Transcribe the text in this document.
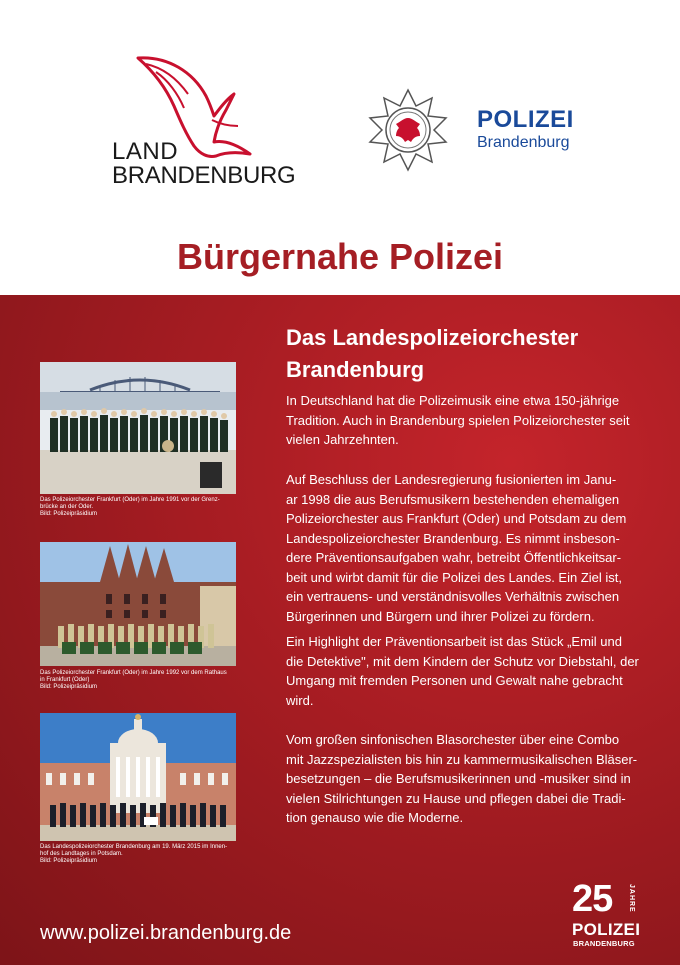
LAND
BRANDENBURG
POLIZEI
Brandenburg
Bürgernahe Polizei
Das Polizeiorchester Frankfurt (Oder) im Jahre 1991 vor der Grenz-
brücke an der Oder.
Bild: Polizeipräsidium
Das Polizeiorchester Frankfurt (Oder) im Jahre 1992 vor dem Rathaus
in Frankfurt (Oder)
Bild: Polizeipräsidium
Das Landespolizeiorchester Brandenburg am 19. März 2015 im Innen-
hof des Landtages in Potsdam.
Bild: Polizeipräsidium
Das Landespolizeiorchester
Brandenburg
In Deutschland hat die Polizeimusik eine etwa 150-jährige
Tradition. Auch in Brandenburg spielen Polizeiorchester seit
vielen Jahrzehnten.
Auf Beschluss der Landesregierung fusionierten im Janu-
ar 1998 die aus Berufsmusikern bestehenden ehemaligen
Polizeiorchester aus Frankfurt (Oder) und Potsdam zu dem
Landespolizeiorchester Brandenburg. Es nimmt insbeson-
dere Präventionsaufgaben wahr, betreibt Öffentlichkeitsar-
beit und wirbt damit für die Polizei des Landes. Ein Ziel ist,
ein vertrauens- und verständnisvolles Verhältnis zwischen
Bürgerinnen und Bürgern und ihrer Polizei zu fördern.
Ein Highlight der Präventionsarbeit ist das Stück „Emil und
die Detektive", mit dem Kindern der Schutz vor Diebstahl, der
Umgang mit fremden Personen und Gewalt nahe gebracht
wird.
Vom großen sinfonischen Blasorchester über eine Combo
mit Jazzspezialisten bis hin zu kammermusikalischen Bläser-
besetzungen – die Berufsmusikerinnen und -musiker sind in
vielen Stilrichtungen zu Hause und pflegen dabei die Tradi-
tion genauso wie die Moderne.
www.polizei.brandenburg.de
25 JAHRE
POLIZEI
BRANDENBURG
